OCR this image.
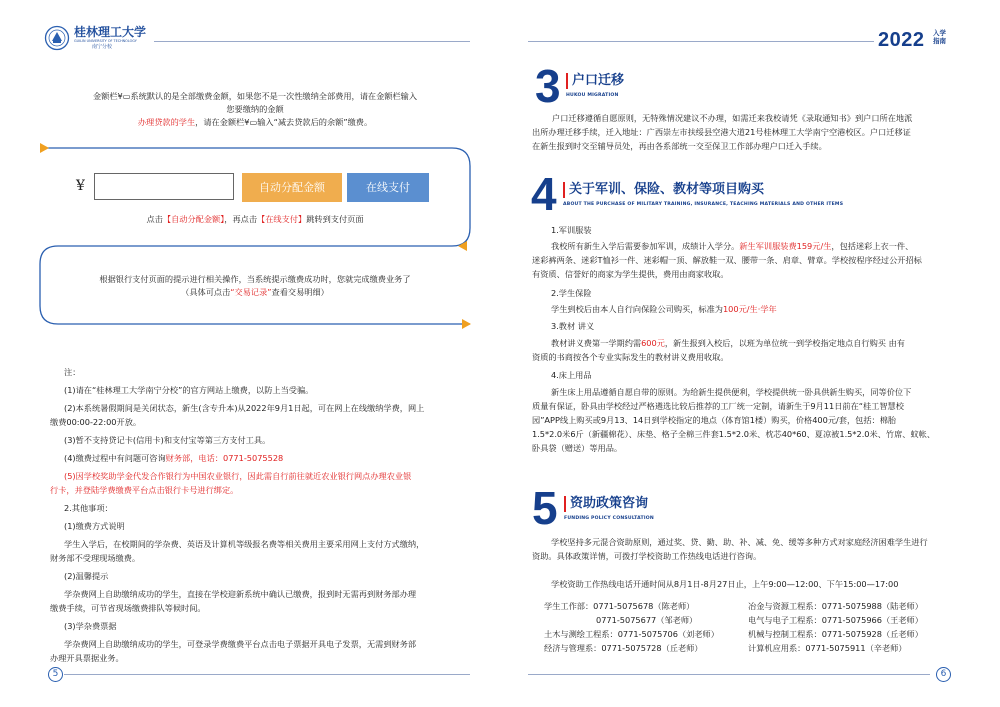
桂林理工大学
GUILIN UNIVERSITY OF TECHNOLOGY
南宁分校	2022 入学
指南
金额栏¥▭系统默认的是全部缴费金额，如果您不是一次性缴纳全部费用，请在金额栏输入
您要缴纳的金额
办理贷款的学生，请在金额栏¥▭输入“减去贷款后的余额”缴费。
¥	自动分配金额	在线支付
点击【自动分配金额】，再点击【在线支付】跳转到支付页面
根据银行支付页面的提示进行相关操作，当系统提示缴费成功时，您就完成缴费业务了
（具体可点击“交易记录”查看交易明细）
注：
(1)请在“桂林理工大学南宁分校”的官方网站上缴费，以防上当受骗。
(2)本系统暑假期间是关闭状态，新生(含专升本)从2022年9月1日起，可在网上在线缴纳学费，网上
缴费00:00-22:00开放。
(3)暂不支持贷记卡(信用卡)和支付宝等第三方支付工具。
(4)缴费过程中有问题可咨询财务部，电话：0771-5075528
(5)因学校奖助学金代发合作银行为中国农业银行，因此需自行前往就近农业银行网点办理农业银
行卡，并登陆学费缴费平台点击银行卡号进行绑定。
2.其他事项：
(1)缴费方式说明
学生入学后，在校期间的学杂费、英语及计算机等级报名费等相关费用主要采用网上支付方式缴纳，
财务部不受理现场缴费。
(2)温馨提示
学杂费网上自助缴纳成功的学生，直接在学校迎新系统中确认已缴费，报到时无需再到财务部办理
缴费手续，可节省现场缴费排队等候时间。
(3)学杂费票据
学杂费网上自助缴纳成功的学生，可登录学费缴费平台点击电子票据开具电子发票，无需到财务部
办理开具票据业务。
5
3 户口迁移
HUKOU MIGRATION
户口迁移遵循自愿原则，无特殊情况建议不办理，如需迁来我校请凭《录取通知书》到户口所在地派
出所办理迁移手续，迁入地址：广西崇左市扶绥县空港大道21号桂林理工大学南宁空港校区。户口迁移证
在新生报到时交至辅导员处，再由各系部统一交至保卫工作部办理户口迁入手续。
4 关于军训、保险、教材等项目购买
ABOUT THE PURCHASE OF MILITARY TRAINING, INSURANCE, TEACHING MATERIALS AND OTHER ITEMS
1.军训服装
我校所有新生入学后需要参加军训，成绩计入学分。新生军训服装费159元/生，包括迷彩上衣一件、
迷彩裤两条、迷彩T恤衫一件、迷彩帽一顶、解放鞋一双、腰带一条、肩章、臂章。学校按程序经过公开招标
有资质、信誉好的商家为学生提供，费用由商家收取。
2.学生保险
学生到校后由本人自行向保险公司购买，标准为100元/生·学年
3.教材 讲义
教材讲义费第一学期约需600元，新生报到入校后，以班为单位统一到学校指定地点自行购买 由有
资质的书商按各个专业实际发生的教材讲义费用收取。
4.床上用品
新生床上用品遵循自愿自带的原则。为给新生提供便利，学校提供统一卧具供新生购买，同等价位下
质量有保证，卧具由学校经过严格遴选比较后推荐的工厂统一定制，请新生于9月11日前在“桂工智慧校
园”APP线上购买或9月13、14日到学校指定的地点（体育馆1楼）购买，价格400元/套，包括：棉胎
1.5*2.0米6斤（新疆棉花）、床垫、格子全棉三件套1.5*2.0米、枕芯40*60、夏凉被1.5*2.0米、竹席、蚊帐、
卧具袋（赠送）等用品。
5 资助政策咨询
FUNDING POLICY CONSULTATION
学校坚持多元混合资助原则，通过奖、贷、勤、助、补、减、免、缓等多种方式对家庭经济困难学生进行
资助。具体政策详情，可拨打学校资助工作热线电话进行咨询。
学校资助工作热线电话开通时间从8月1日-8月27日止，上午9:00—12:00、下午15:00—17:00
学生工作部：0771-5075678（陈老师）
0771-5075677（邹老师）
土木与测绘工程系：0771-5075706（刘老师）
经济与管理系：0771-5075728（丘老师）
冶金与资源工程系：0771-5075988（陆老师）
电气与电子工程系：0771-5075966（王老师）
机械与控制工程系：0771-5075928（丘老师）
计算机应用系：0771-5075911（辛老师）
6
